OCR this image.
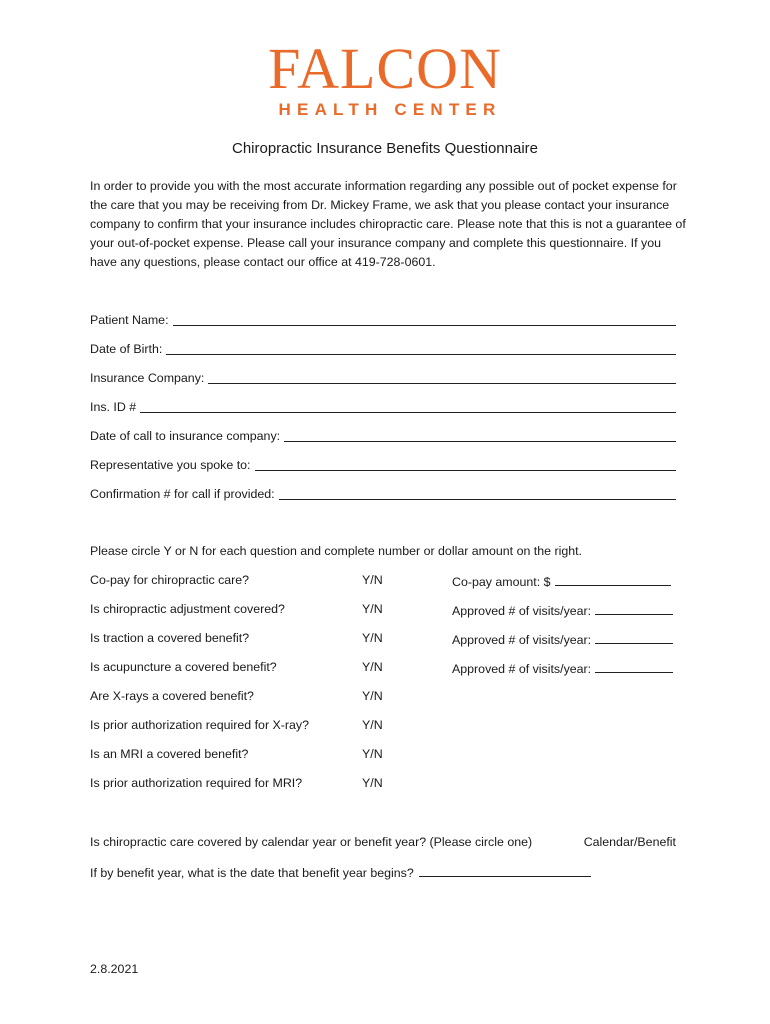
FALCON
HEALTH CENTER
Chiropractic Insurance Benefits Questionnaire
In order to provide you with the most accurate information regarding any possible out of pocket expense for the care that you may be receiving from Dr. Mickey Frame, we ask that you please contact your insurance company to confirm that your insurance includes chiropractic care. Please note that this is not a guarantee of your out-of-pocket expense. Please call your insurance company and complete this questionnaire. If you have any questions, please contact our office at 419-728-0601.
Patient Name:
Date of Birth:
Insurance Company:
Ins. ID #
Date of call to insurance company:
Representative you spoke to:
Confirmation # for call if provided:
Please circle Y or N for each question and complete number or dollar amount on the right.
Co-pay for chiropractic care?	Y/N	Co-pay amount: $
Is chiropractic adjustment covered?	Y/N	Approved # of visits/year:
Is traction a covered benefit?	Y/N	Approved # of visits/year:
Is acupuncture a covered benefit?	Y/N	Approved # of visits/year:
Are X-rays a covered benefit?	Y/N
Is prior authorization required for X-ray?	Y/N
Is an MRI a covered benefit?	Y/N
Is prior authorization required for MRI?	Y/N
Is chiropractic care covered by calendar year or benefit year? (Please circle one)	Calendar/Benefit
If by benefit year, what is the date that benefit year begins?
2.8.2021
